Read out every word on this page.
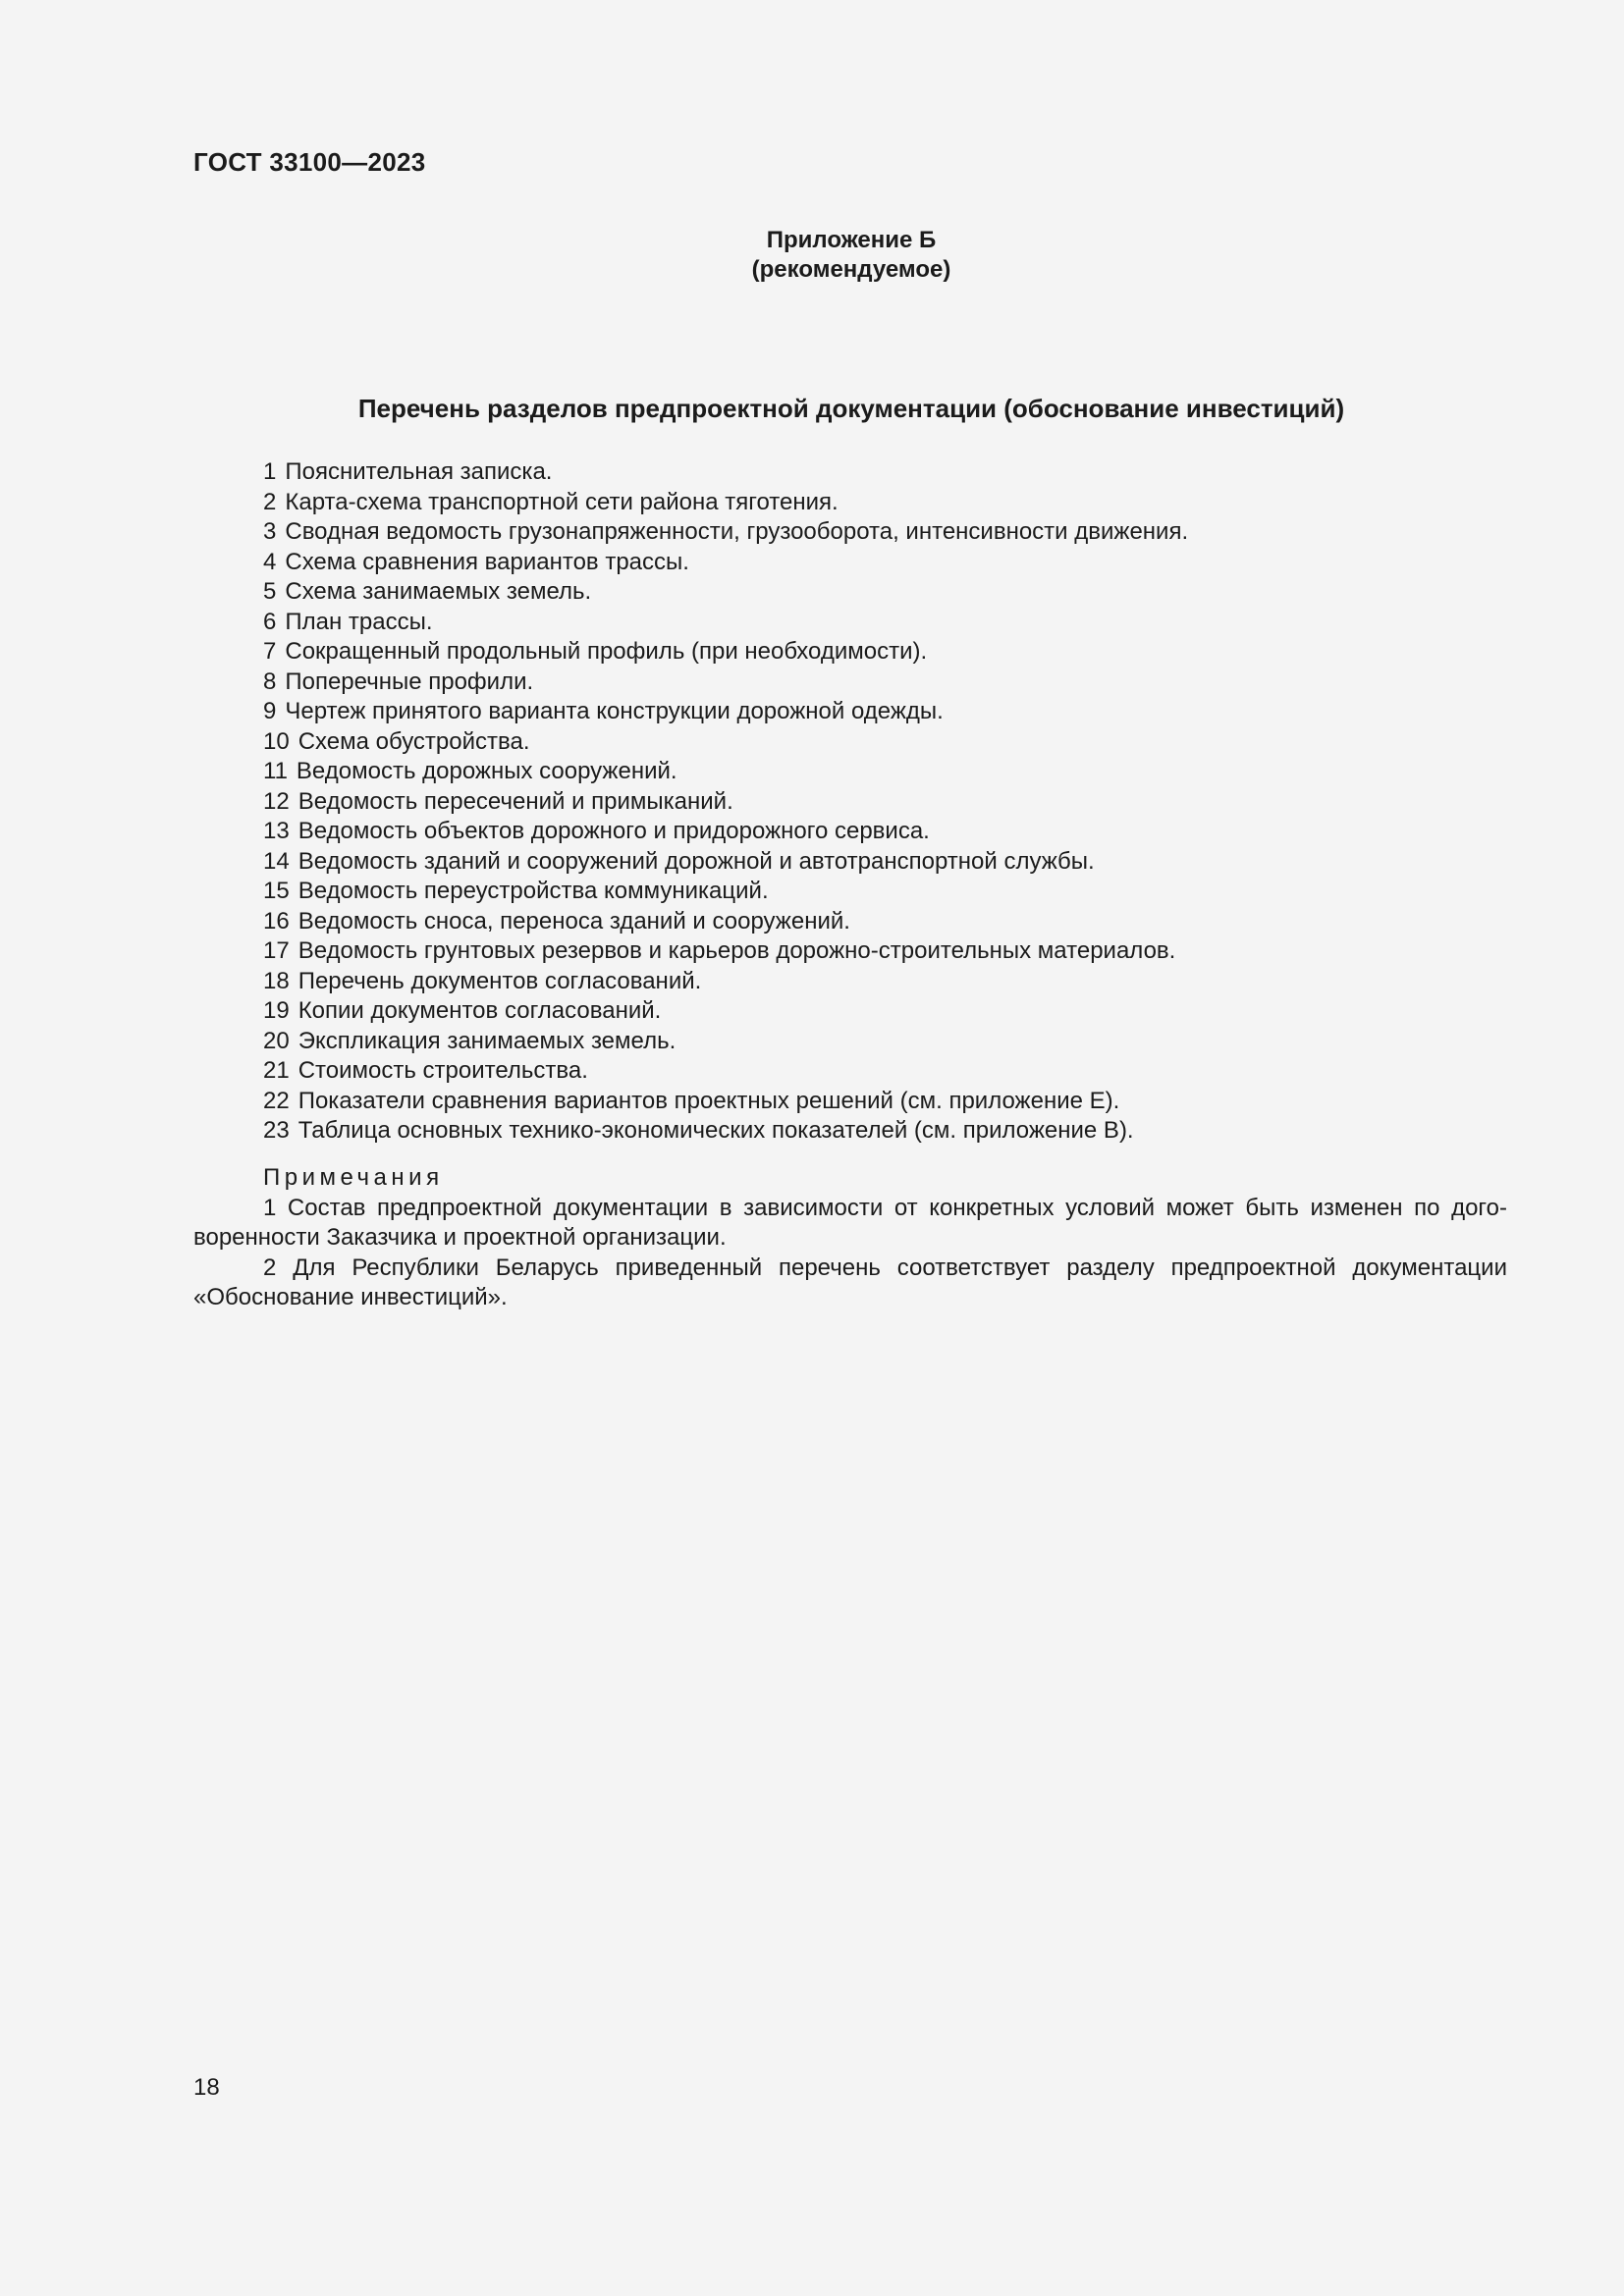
ГОСТ 33100—2023
Приложение Б
(рекомендуемое)
Перечень разделов предпроектной документации (обоснование инвестиций)
1 Пояснительная записка.
2 Карта-схема транспортной сети района тяготения.
3 Сводная ведомость грузонапряженности, грузооборота, интенсивности движения.
4 Схема сравнения вариантов трассы.
5 Схема занимаемых земель.
6 План трассы.
7 Сокращенный продольный профиль (при необходимости).
8 Поперечные профили.
9 Чертеж принятого варианта конструкции дорожной одежды.
10 Схема обустройства.
11 Ведомость дорожных сооружений.
12 Ведомость пересечений и примыканий.
13 Ведомость объектов дорожного и придорожного сервиса.
14 Ведомость зданий и сооружений дорожной и автотранспортной службы.
15 Ведомость переустройства коммуникаций.
16 Ведомость сноса, переноса зданий и сооружений.
17 Ведомость грунтовых резервов и карьеров дорожно-строительных материалов.
18 Перечень документов согласований.
19 Копии документов согласований.
20 Экспликация занимаемых земель.
21 Стоимость строительства.
22 Показатели сравнения вариантов проектных решений (см. приложение Е).
23 Таблица основных технико-экономических показателей (см. приложение В).
Примечания

1 Состав предпроектной документации в зависимости от конкретных условий может быть изменен по дого-воренности Заказчика и проектной организации.

2 Для Республики Беларусь приведенный перечень соответствует разделу предпроектной документации «Обоснование инвестиций».

18
